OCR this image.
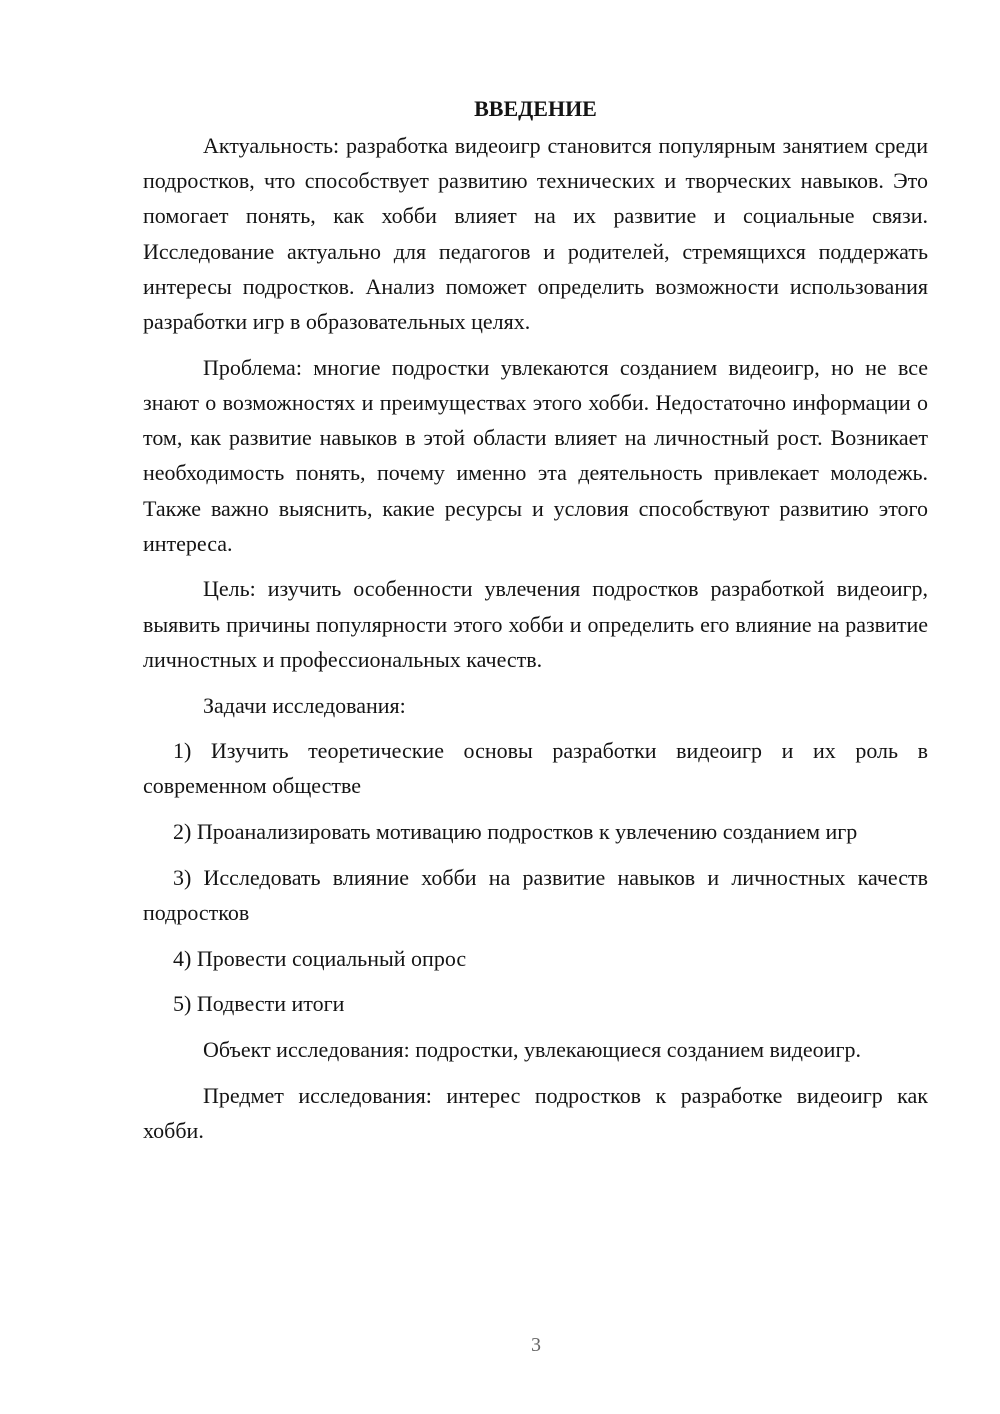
ВВЕДЕНИЕ

Актуальность: разработка видеоигр становится популярным занятием среди подростков, что способствует развитию технических и творческих навыков. Это помогает понять, как хобби влияет на их развитие и социальные связи. Исследование актуально для педагогов и родителей, стремящихся поддержать интересы подростков. Анализ поможет определить возможности использования разработки игр в образовательных целях.

Проблема: многие подростки увлекаются созданием видеоигр, но не все знают о возможностях и преимуществах этого хобби. Недостаточно информации о том, как развитие навыков в этой области влияет на личностный рост. Возникает необходимость понять, почему именно эта деятельность привлекает молодежь. Также важно выяснить, какие ресурсы и условия способствуют развитию этого интереса.

Цель: изучить особенности увлечения подростков разработкой видеоигр, выявить причины популярности этого хобби и определить его влияние на развитие личностных и профессиональных качеств.

Задачи исследования:

1) Изучить теоретические основы разработки видеоигр и их роль в современном обществе

2) Проанализировать мотивацию подростков к увлечению созданием игр

3) Исследовать влияние хобби на развитие навыков и личностных качеств подростков

4) Провести социальный опрос

5) Подвести итоги

Объект исследования: подростки, увлекающиеся созданием видеоигр.

Предмет исследования: интерес подростков к разработке видеоигр как хобби.

3
